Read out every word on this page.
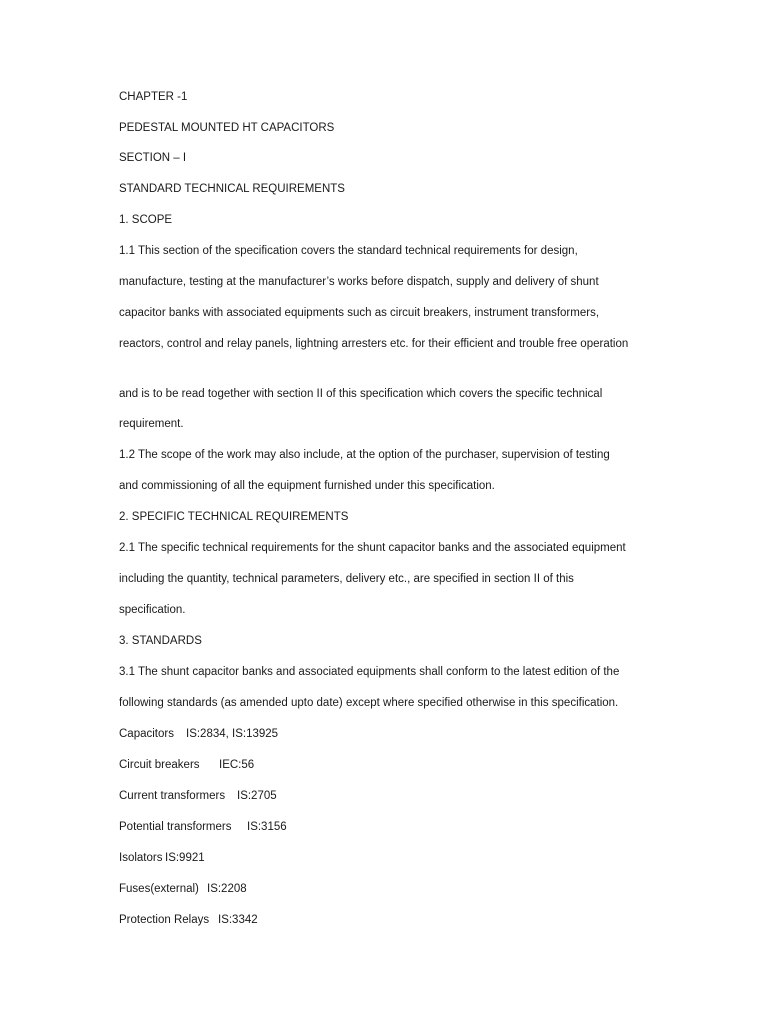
CHAPTER -1
PEDESTAL MOUNTED HT CAPACITORS
SECTION – I
STANDARD TECHNICAL REQUIREMENTS
1. SCOPE
1.1 This section of the specification covers the standard technical requirements for design,
manufacture, testing at the manufacturer’s works before dispatch, supply and delivery of shunt
capacitor banks with associated equipments such as circuit breakers, instrument transformers,
reactors, control and relay panels, lightning arresters etc. for their efficient and trouble free operation
and is to be read together with section II of this specification which covers the specific technical
requirement.
1.2 The scope of the work may also include, at the option of the purchaser, supervision of testing
and commissioning of all the equipment furnished under this specification.
2. SPECIFIC TECHNICAL REQUIREMENTS
2.1 The specific technical requirements for the shunt capacitor banks and the associated equipment
including the quantity, technical parameters, delivery etc., are specified in section II of this
specification.
3. STANDARDS
3.1 The shunt capacitor banks and associated equipments shall conform to the latest edition of the
following standards (as amended upto date) except where specified otherwise in this specification.
Capacitors IS:2834, IS:13925
Circuit breakers IEC:56
Current transformers IS:2705
Potential transformers IS:3156
Isolators IS:9921
Fuses(external) IS:2208
Protection Relays IS:3342
